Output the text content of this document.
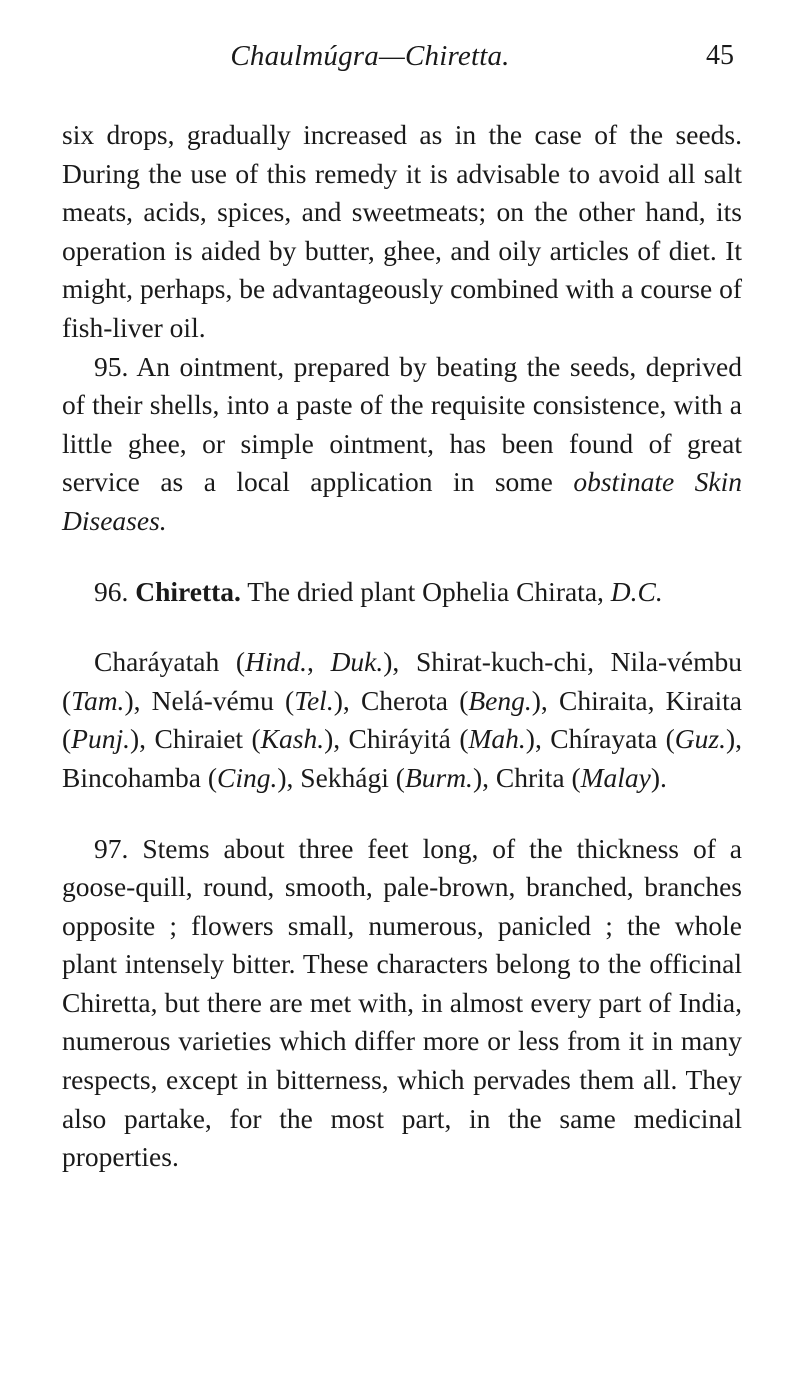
Chaulmúgra—Chiretta.	45

six drops, gradually increased as in the case of the seeds. During the use of this remedy it is advisable to avoid all salt meats, acids, spices, and sweetmeats; on the other hand, its operation is aided by butter, ghee, and oily articles of diet. It might, perhaps, be advantageously combined with a course of fish-liver oil.

95. An ointment, prepared by beating the seeds, deprived of their shells, into a paste of the requisite consistence, with a little ghee, or simple ointment, has been found of great service as a local application in some obstinate Skin Diseases.

96. Chiretta. The dried plant Ophelia Chirata, D.C.

Charáyatah (Hind., Duk.), Shirat-kuch-chi, Nila-vémbu (Tam.), Nelá-vému (Tel.), Cherota (Beng.), Chiraita, Kiraita (Punj.), Chiraiet (Kash.), Chiráyitá (Mah.), Chírayata (Guz.), Bincohamba (Cing.), Sekhági (Burm.), Chrita (Malay).

97. Stems about three feet long, of the thickness of a goose-quill, round, smooth, pale-brown, branched, branches opposite ; flowers small, numerous, panicled ; the whole plant intensely bitter. These characters belong to the officinal Chiretta, but there are met with, in almost every part of India, numerous varieties which differ more or less from it in many respects, except in bitterness, which pervades them all. They also partake, for the most part, in the same medicinal properties.
